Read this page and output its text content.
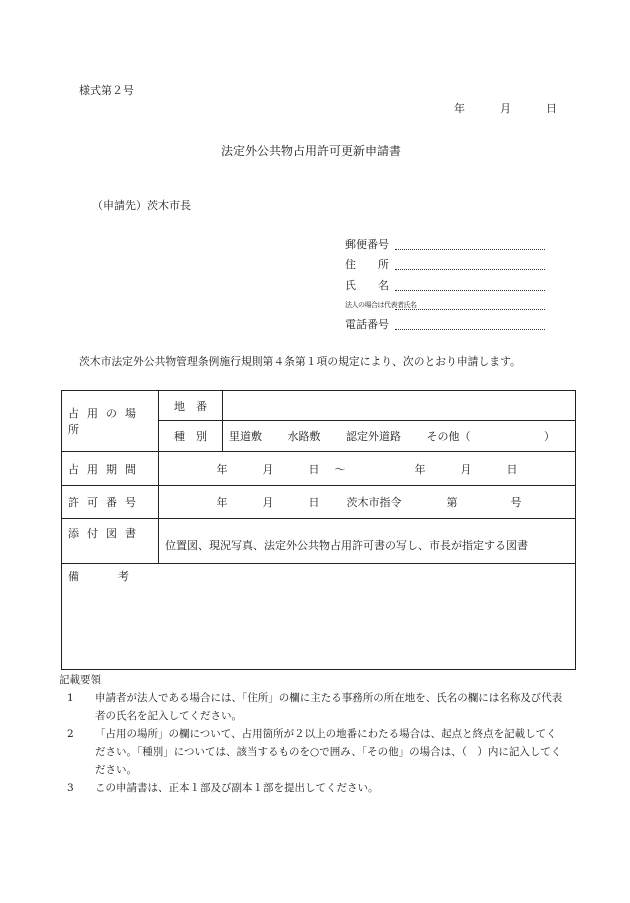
様式第２号
年	月	日
法定外公共物占用許可更新申請書
（申請先）茨木市長
郵便番号
住　　所
氏　　名
法人の場合は代表者氏名
電話番号
茨木市法定外公共物管理条例施行規則第４条第１項の規定により、次のとおり申請します。
占用の場所	地　番	
	種　別	里道敷 水路敷 認定外道路 その他（ ）
占用期間	年 月 日 ～ 年 月 日	
許可番号	年 月 日 茨木市指令 第 号	
添付図書	位置図、現況写真、法定外公共物占用許可書の写し、市長が指定する図書	
備　考		
記載要領
1 申請者が法人である場合には、「住所」の欄に主たる事務所の所在地を、氏名の欄には名称及び代表者の氏名を記入してください。
2 「占用の場所」の欄について、占用箇所が２以上の地番にわたる場合は、起点と終点を記載してください。「種別」については、該当するものを○で囲み、「その他」の場合は、（　）内に記入してください。
3 この申請書は、正本１部及び副本１部を提出してください。
